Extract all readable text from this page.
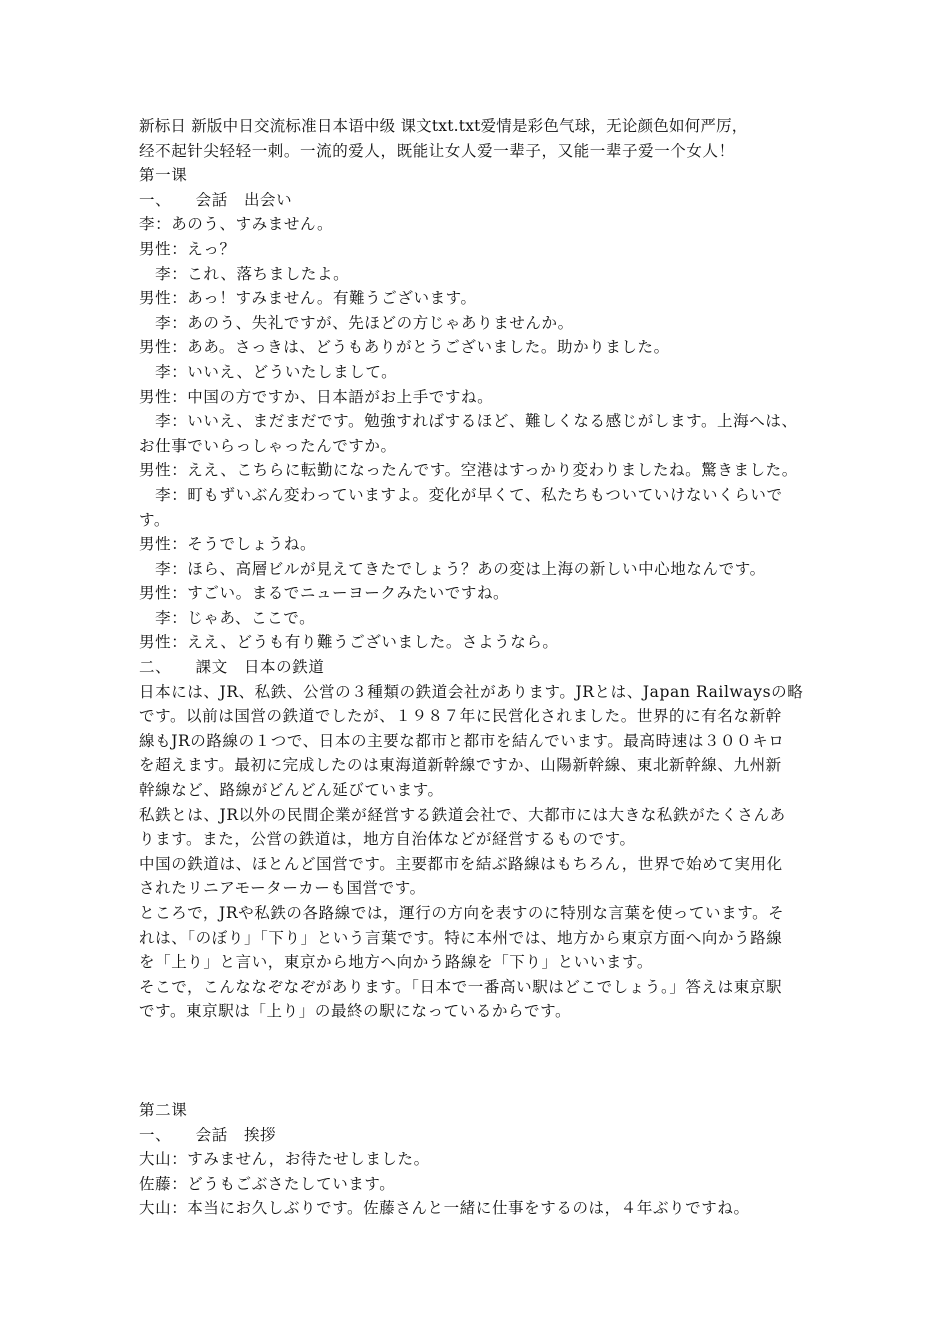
新标日 新版中日交流标准日本语中级 课文txt.txt爱情是彩色气球，无论颜色如何严厉，
经不起针尖轻轻一刺。一流的爱人，既能让女人爱一辈子，又能一辈子爱一个女人！
第一课
一、　　会話　出会い
李：あのう、すみません。
男性：えっ？
　李：これ、落ちましたよ。
男性：あっ！すみません。有難うございます。
　李：あのう、失礼ですが、先ほどの方じゃありませんか。
男性：ああ。さっきは、どうもありがとうございました。助かりました。
　李：いいえ、どういたしまして。
男性：中国の方ですか、日本語がお上手ですね。
　李：いいえ、まだまだです。勉強すればするほど、難しくなる感じがします。上海へは、
お仕事でいらっしゃったんですか。
男性：ええ、こちらに転勤になったんです。空港はすっかり変わりましたね。驚きました。
　李：町もずいぶん変わっていますよ。変化が早くて、私たちもついていけないくらいで
す。
男性：そうでしょうね。
　李：ほら、高層ビルが見えてきたでしょう？あの変は上海の新しい中心地なんです。
男性：すごい。まるでニューヨークみたいですね。
　李：じゃあ、ここで。
男性：ええ、どうも有り難うございました。さようなら。
二、　　課文　日本の鉄道
日本には、JR、私鉄、公営の３種類の鉄道会社があります。JRとは、Japan Railwaysの略
です。以前は国営の鉄道でしたが、１９８７年に民営化されました。世界的に有名な新幹
線もJRの路線の１つで、日本の主要な都市と都市を結んでいます。最高時速は３００キロ
を超えます。最初に完成したのは東海道新幹線ですか、山陽新幹線、東北新幹線、九州新
幹線など、路線がどんどん延びています。
私鉄とは、JR以外の民間企業が経営する鉄道会社で、大都市には大きな私鉄がたくさんあ
ります。また，公営の鉄道は，地方自治体などが経営するものです。
中国の鉄道は、ほとんど国営です。主要都市を結ぶ路線はもちろん，世界で始めて実用化
されたリニアモーターカーも国営です。
ところで，JRや私鉄の各路線では，運行の方向を表すのに特別な言葉を使っています。そ
れは、「のぼり」「下り」という言葉です。特に本州では、地方から東京方面へ向かう路線
を「上り」と言い，東京から地方へ向かう路線を「下り」といいます。
そこで，こんななぞなぞがあります。「日本で一番高い駅はどこでしょう。」答えは東京駅
です。東京駅は「上り」の最終の駅になっているからです。
第二课
一、　　会話　挨拶
大山：すみません，お待たせしました。
佐藤：どうもごぶさたしています。
大山：本当にお久しぶりです。佐藤さんと一緒に仕事をするのは，４年ぶりですね。
